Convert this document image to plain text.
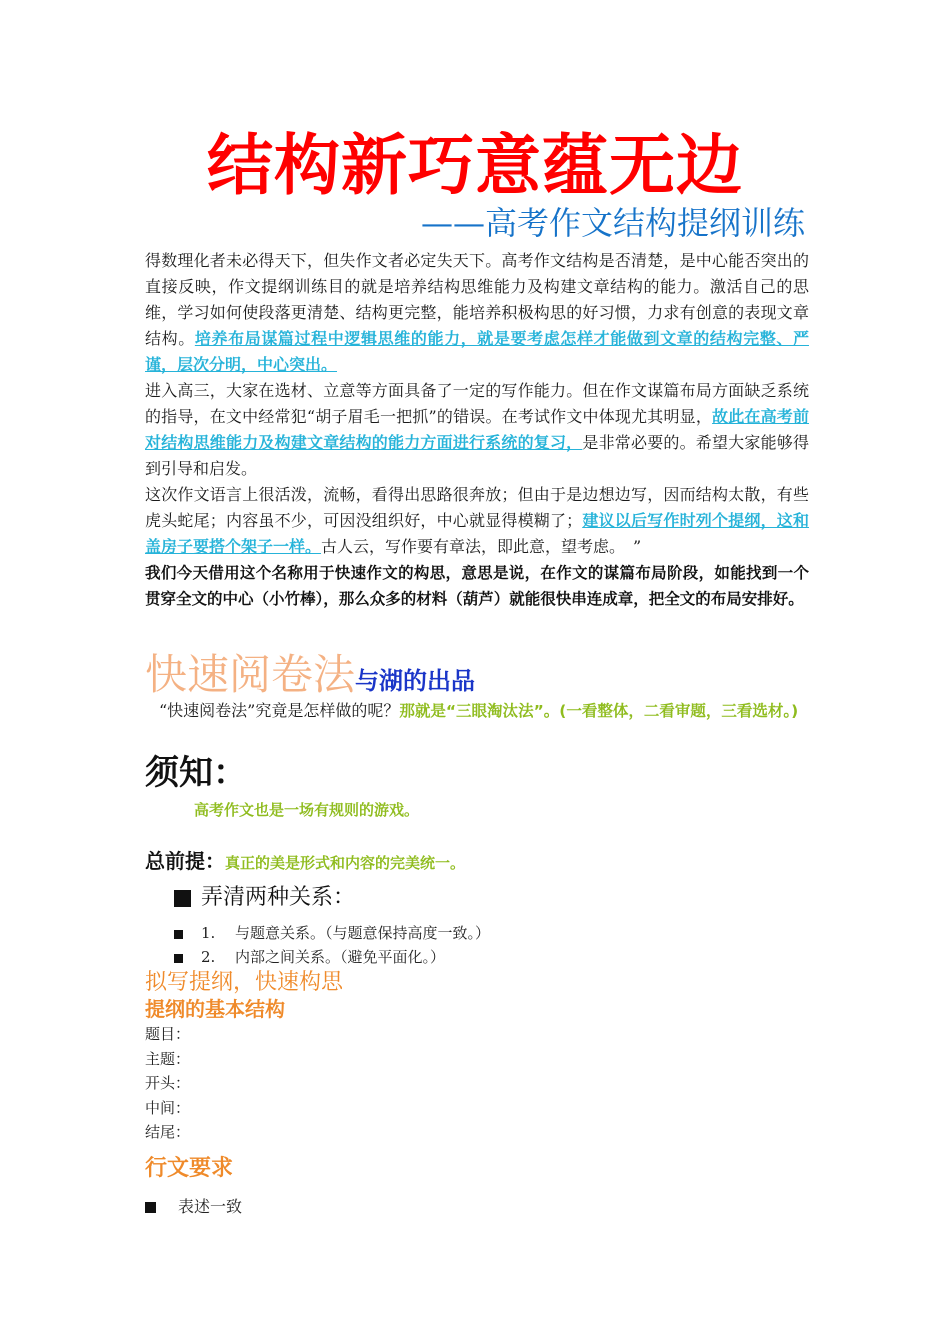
结构新巧意蕴无边
——高考作文结构提纲训练

得数理化者未必得天下，但失作文者必定失天下。高考作文结构是否清楚，是中心能否突出的直接反映，作文提纲训练目的就是培养结构思维能力及构建文章结构的能力。激活自己的思维，学习如何使段落更清楚、结构更完整，能培养积极构思的好习惯，力求有创意的表现文章结构。培养布局谋篇过程中逻辑思维的能力，就是要考虑怎样才能做到文章的结构完整、严谨，层次分明，中心突出。

进入高三，大家在选材、立意等方面具备了一定的写作能力。但在作文谋篇布局方面缺乏系统的指导，在文中经常犯“胡子眉毛一把抓”的错误。在考试作文中体现尤其明显，故此在高考前对结构思维能力及构建文章结构的能力方面进行系统的复习，是非常必要的。希望大家能够得到引导和启发。

这次作文语言上很活泼，流畅，看得出思路很奔放；但由于是边想边写，因而结构太散，有些虎头蛇尾；内容虽不少，可因没组织好，中心就显得模糊了；建议以后写作时列个提纲，这和盖房子要搭个架子一样。古人云，写作要有章法，即此意，望考虑。　”

我们今天借用这个名称用于快速作文的构思，意思是说，在作文的谋篇布局阶段，如能找到一个贯穿全文的中心（小竹棒），那么众多的材料（葫芦）就能很快串连成章，把全文的布局安排好。

快速阅卷法与湖的出品
“快速阅卷法”究竟是怎样做的呢？那就是“三眼淘汰法”。(一看整体，二看审题，三看选材。)
须知：
高考作文也是一场有规则的游戏。
总前提：真正的美是形式和内容的完美统一。
弄清两种关系：
1. 与题意关系。（与题意保持高度一致。）
2. 内部之间关系。（避免平面化。）
拟写提纲，快速构思
提纲的基本结构
题目：
主题：
开头：
中间：
结尾：
行文要求
表述一致
